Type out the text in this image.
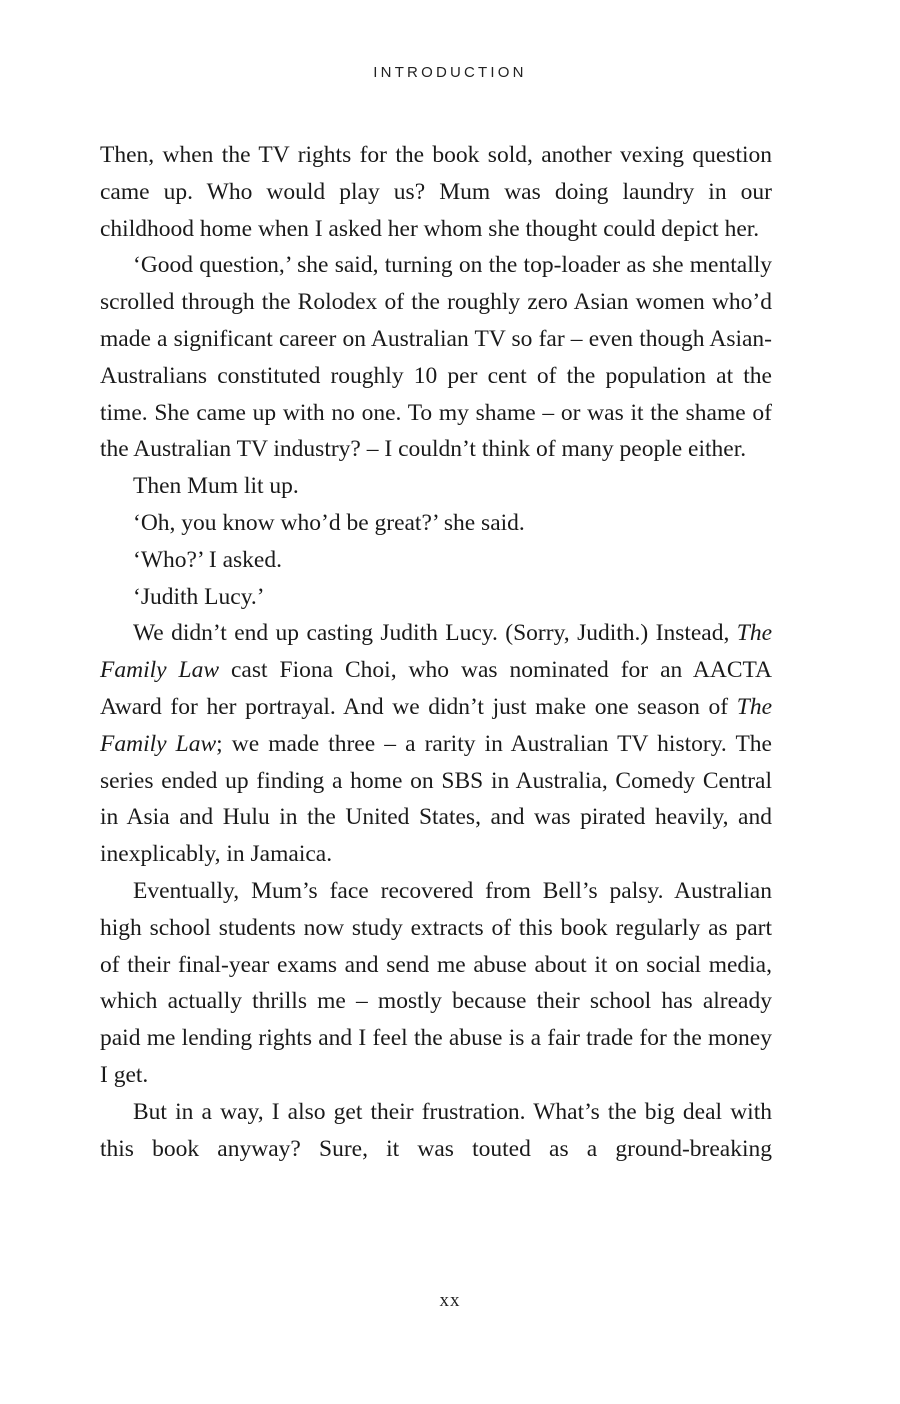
INTRODUCTION

Then, when the TV rights for the book sold, another vexing question came up. Who would play us? Mum was doing laundry in our childhood home when I asked her whom she thought could depict her.

‘Good question,’ she said, turning on the top-loader as she mentally scrolled through the Rolodex of the roughly zero Asian women who’d made a significant career on Australian TV so far – even though Asian-Australians constituted roughly 10 per cent of the population at the time. She came up with no one. To my shame – or was it the shame of the Australian TV industry? – I couldn’t think of many people either.

Then Mum lit up.

‘Oh, you know who’d be great?’ she said.

‘Who?’ I asked.

‘Judith Lucy.’

We didn’t end up casting Judith Lucy. (Sorry, Judith.) Instead, The Family Law cast Fiona Choi, who was nominated for an AACTA Award for her portrayal. And we didn’t just make one season of The Family Law; we made three – a rarity in Australian TV history. The series ended up finding a home on SBS in Australia, Comedy Central in Asia and Hulu in the United States, and was pirated heavily, and inexplicably, in Jamaica.

Eventually, Mum’s face recovered from Bell’s palsy. Australian high school students now study extracts of this book regularly as part of their final-year exams and send me abuse about it on social media, which actually thrills me – mostly because their school has already paid me lending rights and I feel the abuse is a fair trade for the money I get.

But in a way, I also get their frustration. What’s the big deal with this book anyway? Sure, it was touted as a ground-breaking

xx
